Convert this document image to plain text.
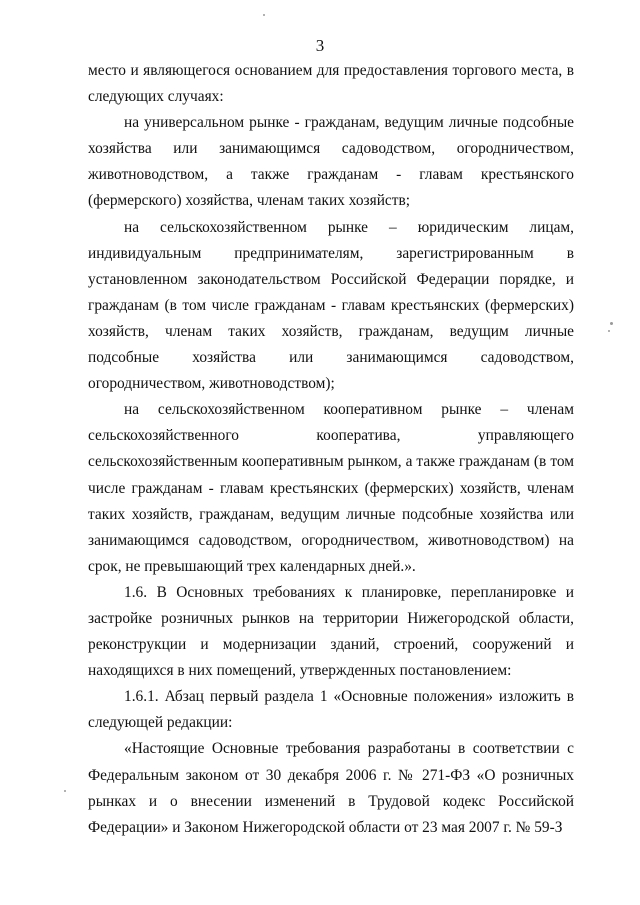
3

место и являющегося основанием для предоставления торгового места, в следующих случаях:

на универсальном рынке - гражданам, ведущим личные подсобные хозяйства или занимающимся садоводством, огородничеством, животноводством, а также гражданам - главам крестьянского (фермерского) хозяйства, членам таких хозяйств;

на сельскохозяйственном рынке – юридическим лицам, индивидуальным предпринимателям, зарегистрированным в установленном законодательством Российской Федерации порядке, и гражданам (в том числе гражданам - главам крестьянских (фермерских) хозяйств, членам таких хозяйств, гражданам, ведущим личные подсобные хозяйства или занимающимся садоводством, огородничеством, животноводством);

на сельскохозяйственном кооперативном рынке – членам сельскохозяйственного кооператива, управляющего сельскохозяйственным кооперативным рынком, а также гражданам (в том числе гражданам - главам крестьянских (фермерских) хозяйств, членам таких хозяйств, гражданам, ведущим личные подсобные хозяйства или занимающимся садоводством, огородничеством, животноводством) на срок, не превышающий трех календарных дней.».

1.6. В Основных требованиях к планировке, перепланировке и застройке розничных рынков на территории Нижегородской области, реконструкции и модернизации зданий, строений, сооружений и находящихся в них помещений, утвержденных постановлением:

1.6.1. Абзац первый раздела 1 «Основные положения» изложить в следующей редакции:

«Настоящие Основные требования разработаны в соответствии с Федеральным законом от 30 декабря 2006 г. № 271-ФЗ «О розничных рынках и о внесении изменений в Трудовой кодекс Российской Федерации» и Законом Нижегородской области от 23 мая 2007 г. № 59-З
